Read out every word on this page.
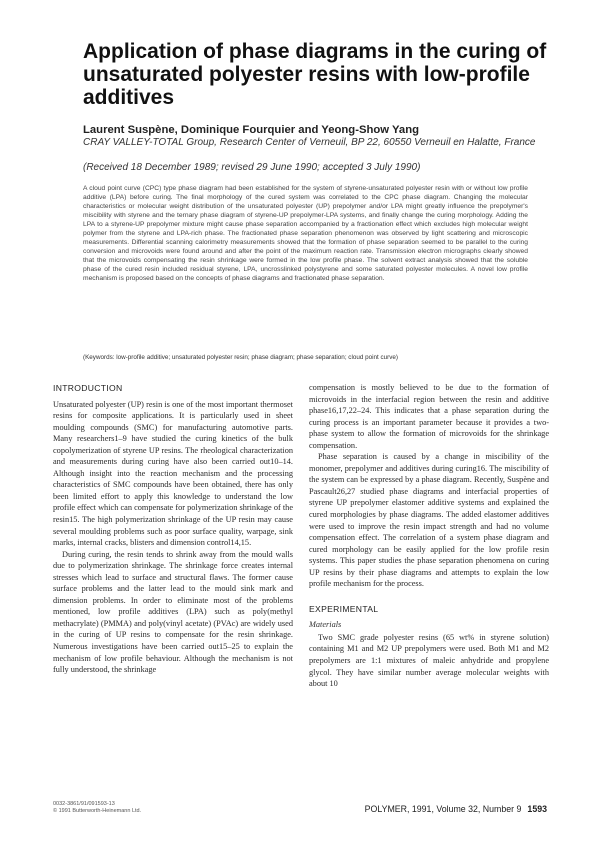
Application of phase diagrams in the curing of unsaturated polyester resins with low-profile additives
Laurent Suspène, Dominique Fourquier and Yeong-Show Yang
CRAY VALLEY-TOTAL Group, Research Center of Verneuil, BP 22, 60550 Verneuil en Halatte, France
(Received 18 December 1989; revised 29 June 1990; accepted 3 July 1990)

A cloud point curve (CPC) type phase diagram had been established for the system of styrene-unsaturated polyester resin with or without low profile additive (LPA) before curing. The final morphology of the cured system was correlated to the CPC phase diagram. Changing the molecular characteristics or molecular weight distribution of the unsaturated polyester (UP) prepolymer and/or LPA might greatly influence the prepolymer's miscibility with styrene and the ternary phase diagram of styrene-UP prepolymer-LPA systems, and finally change the curing morphology. Adding the LPA to a styrene-UP prepolymer mixture might cause phase separation accompanied by a fractionation effect which excludes high molecular weight polymer from the styrene and LPA-rich phase. The fractionated phase separation phenomenon was observed by light scattering and microscopic measurements. Differential scanning calorimetry measurements showed that the formation of phase separation seemed to be parallel to the curing conversion and microvoids were found around and after the point of the maximum reaction rate. Transmission electron micrographs clearly showed that the microvoids compensating the resin shrinkage were formed in the low profile phase. The solvent extract analysis showed that the soluble phase of the cured resin included residual styrene, LPA, uncrosslinked polystyrene and some saturated polyester molecules. A novel low profile mechanism is proposed based on the concepts of phase diagrams and fractionated phase separation.

(Keywords: low-profile additive; unsaturated polyester resin; phase diagram; phase separation; cloud point curve)

INTRODUCTION

Unsaturated polyester (UP) resin is one of the most important thermoset resins for composite applications. It is particularly used in sheet moulding compounds (SMC) for manufacturing automotive parts. Many researchers1–9 have studied the curing kinetics of the bulk copolymerization of styrene UP resins. The rheological characterization and measurements during curing have also been carried out10–14. Although insight into the reaction mechanism and the processing characteristics of SMC compounds have been obtained, there has only been limited effort to apply this knowledge to understand the low profile effect which can compensate for polymerization shrinkage of the resin15. The high polymerization shrinkage of the UP resin may cause several moulding problems such as poor surface quality, warpage, sink marks, internal cracks, blisters and dimension control14,15.

During curing, the resin tends to shrink away from the mould walls due to polymerization shrinkage. The shrinkage force creates internal stresses which lead to surface and structural flaws. The former cause surface problems and the latter lead to the mould sink mark and dimension problems. In order to eliminate most of the problems mentioned, low profile additives (LPA) such as poly(methyl methacrylate) (PMMA) and poly(vinyl acetate) (PVAc) are widely used in the curing of UP resins to compensate for the resin shrinkage. Numerous investigations have been carried out15–25 to explain the mechanism of low profile behaviour. Although the mechanism is not fully understood, the shrinkage

compensation is mostly believed to be due to the formation of microvoids in the interfacial region between the resin and additive phase16,17,22–24. This indicates that a phase separation during the curing process is an important parameter because it provides a two-phase system to allow the formation of microvoids for the shrinkage compensation.

Phase separation is caused by a change in miscibility of the monomer, prepolymer and additives during curing16. The miscibility of the system can be expressed by a phase diagram. Recently, Suspène and Pascault26,27 studied phase diagrams and interfacial properties of styrene UP prepolymer elastomer additive systems and explained the cured morphologies by phase diagrams. The added elastomer additives were used to improve the resin impact strength and had no volume compensation effect. The correlation of a system phase diagram and cured morphology can be easily applied for the low profile resin systems. This paper studies the phase separation phenomena on curing UP resins by their phase diagrams and attempts to explain the low profile mechanism for the process.

EXPERIMENTAL
Materials

Two SMC grade polyester resins (65 wt% in styrene solution) containing M1 and M2 UP prepolymers were used. Both M1 and M2 prepolymers are 1:1 mixtures of maleic anhydride and propylene glycol. They have similar number average molecular weights with about 10

0032-3861/91/091593-13
© 1991 Butterworth-Heinemann Ltd.	POLYMER, 1991, Volume 32, Number 9 1593
